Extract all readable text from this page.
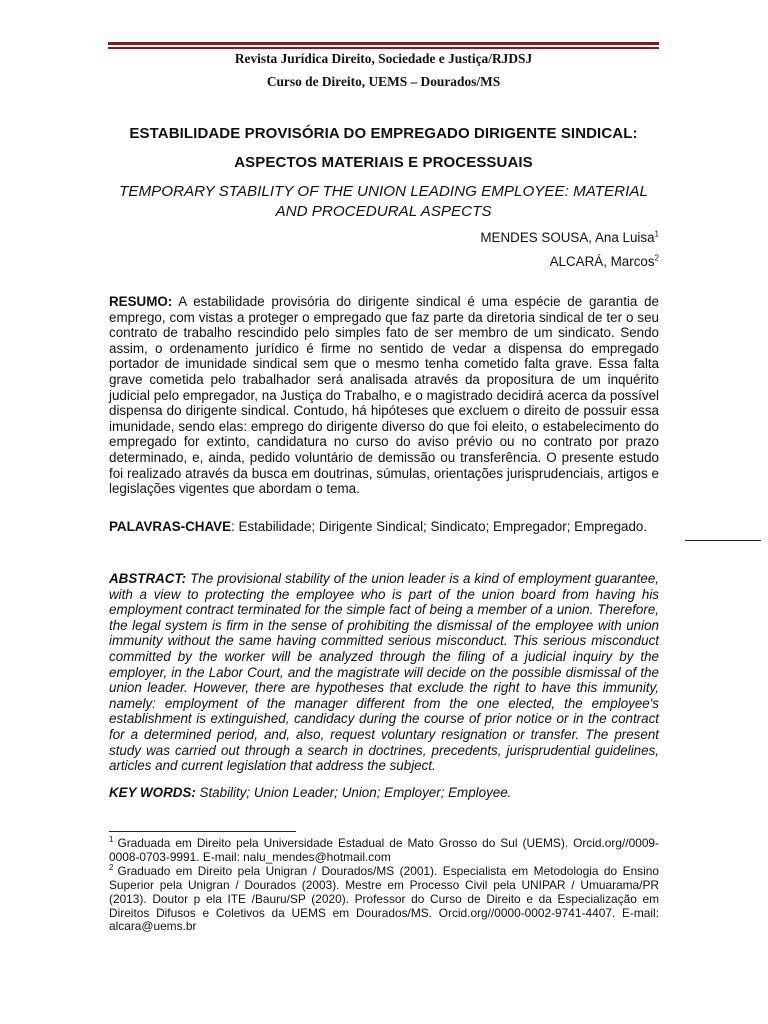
Revista Jurídica Direito, Sociedade e Justiça/RJDSJ
Curso de Direito, UEMS – Dourados/MS
ESTABILIDADE PROVISÓRIA DO EMPREGADO DIRIGENTE SINDICAL: ASPECTOS MATERIAIS E PROCESSUAIS
TEMPORARY STABILITY OF THE UNION LEADING EMPLOYEE: MATERIAL AND PROCEDURAL ASPECTS
MENDES SOUSA, Ana Luisa$^1$
ALCARÁ, Marcos$^2$
RESUMO: A estabilidade provisória do dirigente sindical é uma espécie de garantia de emprego, com vistas a proteger o empregado que faz parte da diretoria sindical de ter o seu contrato de trabalho rescindido pelo simples fato de ser membro de um sindicato. Sendo assim, o ordenamento jurídico é firme no sentido de vedar a dispensa do empregado portador de imunidade sindical sem que o mesmo tenha cometido falta grave. Essa falta grave cometida pelo trabalhador será analisada através da propositura de um inquérito judicial pelo empregador, na Justiça do Trabalho, e o magistrado decidirá acerca da possível dispensa do dirigente sindical. Contudo, há hipóteses que excluem o direito de possuir essa imunidade, sendo elas: emprego do dirigente diverso do que foi eleito, o estabelecimento do empregado for extinto, candidatura no curso do aviso prévio ou no contrato por prazo determinado, e, ainda, pedido voluntário de demissão ou transferência. O presente estudo foi realizado através da busca em doutrinas, súmulas, orientações jurisprudenciais, artigos e legislações vigentes que abordam o tema.
PALAVRAS-CHAVE: Estabilidade; Dirigente Sindical; Sindicato; Empregador; Empregado.
ABSTRACT: The provisional stability of the union leader is a kind of employment guarantee, with a view to protecting the employee who is part of the union board from having his employment contract terminated for the simple fact of being a member of a union. Therefore, the legal system is firm in the sense of prohibiting the dismissal of the employee with union immunity without the same having committed serious misconduct. This serious misconduct committed by the worker will be analyzed through the filing of a judicial inquiry by the employer, in the Labor Court, and the magistrate will decide on the possible dismissal of the union leader. However, there are hypotheses that exclude the right to have this immunity, namely: employment of the manager different from the one elected, the employee's establishment is extinguished, candidacy during the course of prior notice or in the contract for a determined period, and, also, request voluntary resignation or transfer. The present study was carried out through a search in doctrines, precedents, jurisprudential guidelines, articles and current legislation that address the subject.
KEY WORDS: Stability; Union Leader; Union; Employer; Employee.

$^1$ Graduada em Direito pela Universidade Estadual de Mato Grosso do Sul (UEMS). Orcid.org//0009-0008-0703-9991. E-mail: nalu_mendes@hotmail.com

$^2$ Graduado em Direito pela Unigran / Dourados/MS (2001). Especialista em Metodologia do Ensino Superior pela Unigran / Dourados (2003). Mestre em Processo Civil pela UNIPAR / Umuarama/PR (2013). Doutor p ela ITE /Bauru/SP (2020). Professor do Curso de Direito e da Especialização em Direitos Difusos e Coletivos da UEMS em Dourados/MS. Orcid.org//0000-0002-9741-4407. E-mail: alcara@uems.br
